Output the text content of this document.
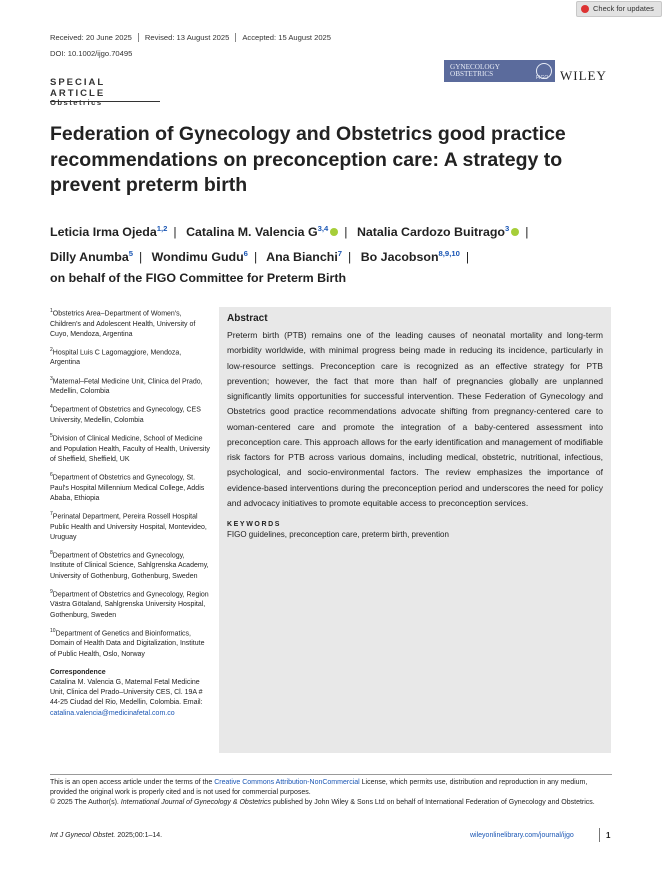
Check for updates
Received: 20 June 2025	Revised: 13 August 2025	Accepted: 15 August 2025
DOI: 10.1002/ijgo.70495
SPECIAL ARTICLE
Obstetrics
GYNECOLOGY
OBSTETRICS	FIGO WILEY
Federation of Gynecology and Obstetrics good practice recommendations on preconception care: A strategy to prevent preterm birth
Leticia Irma Ojeda$^{1,2}$ | Catalina M. Valencia G$^{3,4}$ | Natalia Cardozo Buitrago$^3$ |
Dilly Anumba$^5$ | Wondimu Gudu$^6$ | Ana Bianchi$^7$ | Bo Jacobson$^{8,9,10}$ |
on behalf of the FIGO Committee for Preterm Birth

$^1$Obstetrics Area–Department of Women's, Children's and Adolescent Health, University of Cuyo, Mendoza, Argentina

$^2$Hospital Luis C Lagomaggiore, Mendoza, Argentina

$^3$Maternal–Fetal Medicine Unit, Clinica del Prado, Medellin, Colombia

$^4$Department of Obstetrics and Gynecology, CES University, Medellin, Colombia

$^5$Division of Clinical Medicine, School of Medicine and Population Health, Faculty of Health, University of Sheffield, Sheffield, UK

$^6$Department of Obstetrics and Gynecology, St. Paul's Hospital Millennium Medical College, Addis Ababa, Ethiopia

$^7$Perinatal Department, Pereira Rossell Hospital Public Health and University Hospital, Montevideo, Uruguay

$^8$Department of Obstetrics and Gynecology, Institute of Clinical Science, Sahlgrenska Academy, University of Gothenburg, Gothenburg, Sweden

$^9$Department of Obstetrics and Gynecology, Region Västra Götaland, Sahlgrenska University Hospital, Gothenburg, Sweden

$^{10}$Department of Genetics and Bioinformatics, Domain of Health Data and Digitalization, Institute of Public Health, Oslo, Norway

Correspondence
Catalina M. Valencia G, Maternal Fetal Medicine Unit, Clinica del Prado–University CES, Cl. 19A # 44-25 Ciudad del Rio, Medellin, Colombia. Email: catalina.valencia@medicinafetal.com.co
Abstract
Preterm birth (PTB) remains one of the leading causes of neonatal mortality and long-term morbidity worldwide, with minimal progress being made in reducing its incidence, particularly in low-resource settings. Preconception care is recognized as an effective strategy for PTB prevention; however, the fact that more than half of pregnancies globally are unplanned significantly limits opportunities for successful intervention. These Federation of Gynecology and Obstetrics good practice recommendations advocate shifting from pregnancy-centered care to woman-centered care and promote the integration of a baby-centered assessment into preconception care. This approach allows for the early identification and management of modifiable risk factors for PTB across various domains, including medical, obstetric, nutritional, infectious, psychological, and socio-environmental factors. The review emphasizes the importance of evidence-based interventions during the preconception period and underscores the need for policy and advocacy initiatives to promote equitable access to preconception services.
KEYWORDS
FIGO guidelines, preconception care, preterm birth, prevention
This is an open access article under the terms of the Creative Commons Attribution-NonCommercial License, which permits use, distribution and reproduction in any medium, provided the original work is properly cited and is not used for commercial purposes.
© 2025 The Author(s). International Journal of Gynecology & Obstetrics published by John Wiley & Sons Ltd on behalf of International Federation of Gynecology and Obstetrics.
Int J Gynecol Obstet. 2025;00:1–14.	wileyonlinelibrary.com/journal/ijgo	1
